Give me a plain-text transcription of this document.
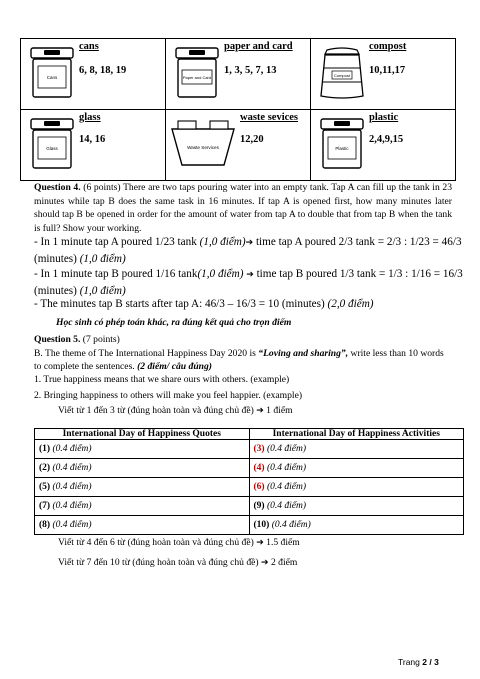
Cans
cans
6, 8, 18, 19	Paper and Card
paper and card
1, 3, 5, 7, 13	Compost
compost
10,11,17

Glass
glass
14, 16	Waste Services
waste sevices
12,20	Plastic
plastic
2,4,9,15
Question 4. (6 points) There are two taps pouring water into an empty tank. Tap A can fill up the tank in 23 minutes while tap B does the same task in 16 minutes. If tap A is opened first, how many minutes later should tap B be opened in order for the amount of water from tap A to double that from tap B when the tank is full? Show your working.
- In 1 minute tap A poured 1/23 tank (1,0 điểm)➔ time tap A poured 2/3 tank = 2/3 : 1/23 = 46/3 (minutes) (1,0 điểm)
- In 1 minute tap B poured 1/16 tank(1,0 điểm) ➔ time tap B poured 1/3 tank = 1/3 : 1/16 = 16/3 (minutes) (1,0 điểm)
- The minutes tap B starts after tap A: 46/3 – 16/3 = 10 (minutes) (2,0 điểm)
Học sinh có phép toán khác, ra đúng kết quả cho trọn điểm
Question 5. (7 points)
B. The theme of The International Happiness Day 2020 is “Loving and sharing”, write less than 10 words to complete the sentences. (2 điểm/ câu đúng)
1. True happiness means that we share ours with others. (example)
2. Bringing happiness to others will make you feel happier. (example)
Viết từ 1 đến 3 từ (đúng hoàn toàn và đúng chủ đề) ➔ 1 điểm
International Day of Happiness Quotes	International Day of Happiness Activities
(1) (0.4 điểm)	(3) (0.4 điểm)
(2) (0.4 điểm)	(4) (0.4 điểm)
(5) (0.4 điểm)	(6) (0.4 điểm)
(7) (0.4 điểm)	(9) (0.4 điểm)
(8) (0.4 điểm)	(10) (0.4 điểm)
Viết từ 4 đến 6 từ (đúng hoàn toàn và đúng chủ đề) ➔ 1.5 điểm
Viết từ 7 đến 10 từ (đúng hoàn toàn và đúng chủ đề) ➔ 2 điểm
Trang 2 / 3
